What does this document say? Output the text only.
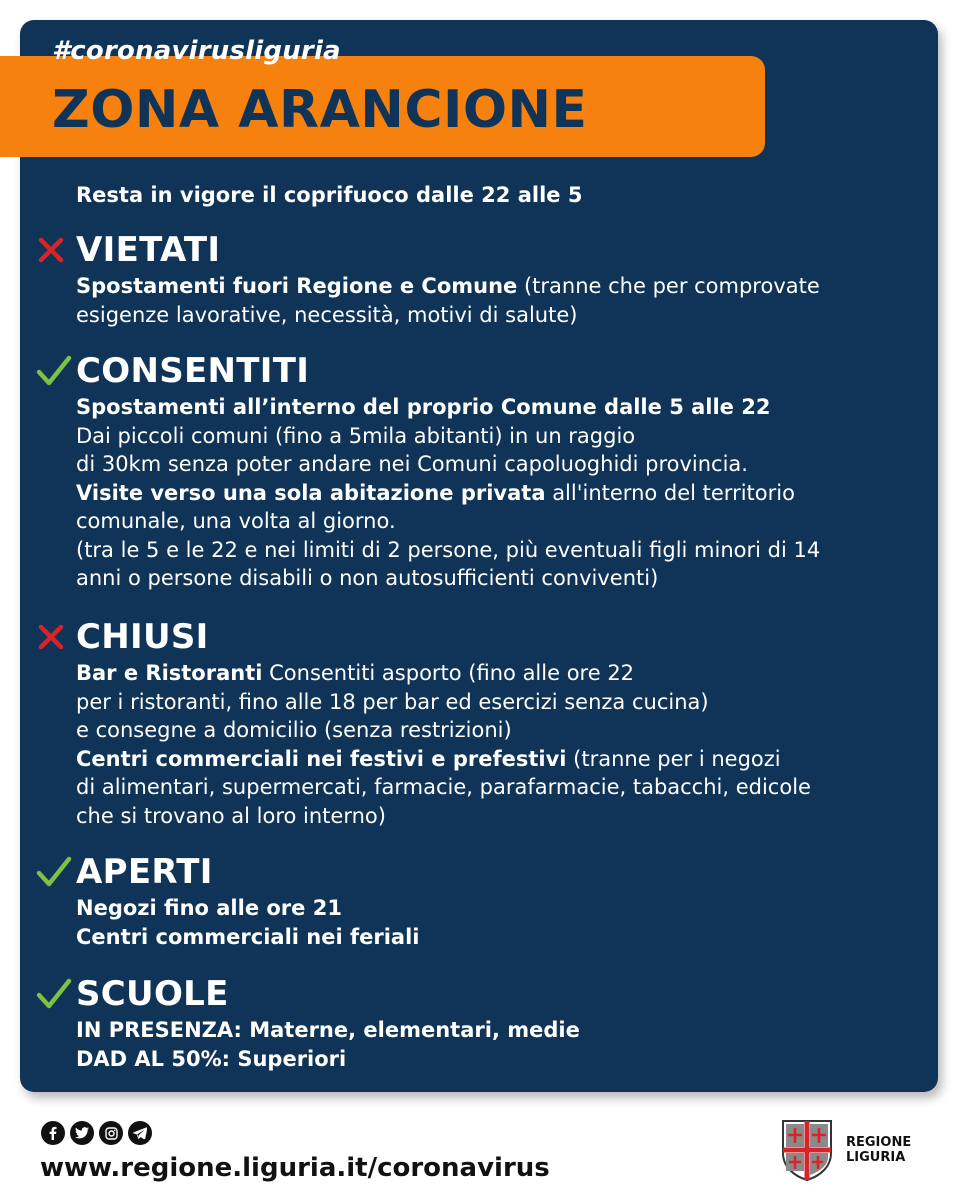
#coronavirusliguria
ZONA ARANCIONE
Resta in vigore il coprifuoco dalle 22 alle 5
VIETATI
Spostamenti fuori Regione e Comune (tranne che per comprovate
esigenze lavorative, necessità, motivi di salute)
CONSENTITI
Spostamenti all’interno del proprio Comune dalle 5 alle 22
Dai piccoli comuni (fino a 5mila abitanti) in un raggio
di 30km senza poter andare nei Comuni capoluoghidi provincia.
Visite verso una sola abitazione privata all'interno del territorio
comunale, una volta al giorno.
(tra le 5 e le 22 e nei limiti di 2 persone, più eventuali figli minori di 14
anni o persone disabili o non autosufficienti conviventi)
CHIUSI
Bar e Ristoranti Consentiti asporto (fino alle ore 22
per i ristoranti, fino alle 18 per bar ed esercizi senza cucina)
e consegne a domicilio (senza restrizioni)
Centri commerciali nei festivi e prefestivi (tranne per i negozi
di alimentari, supermercati, farmacie, parafarmacie, tabacchi, edicole
che si trovano al loro interno)
APERTI
Negozi fino alle ore 21
Centri commerciali nei feriali
SCUOLE
IN PRESENZA: Materne, elementari, medie
DAD AL 50%: Superiori
www.regione.liguria.it/coronavirus
REGIONE
LIGURIA
